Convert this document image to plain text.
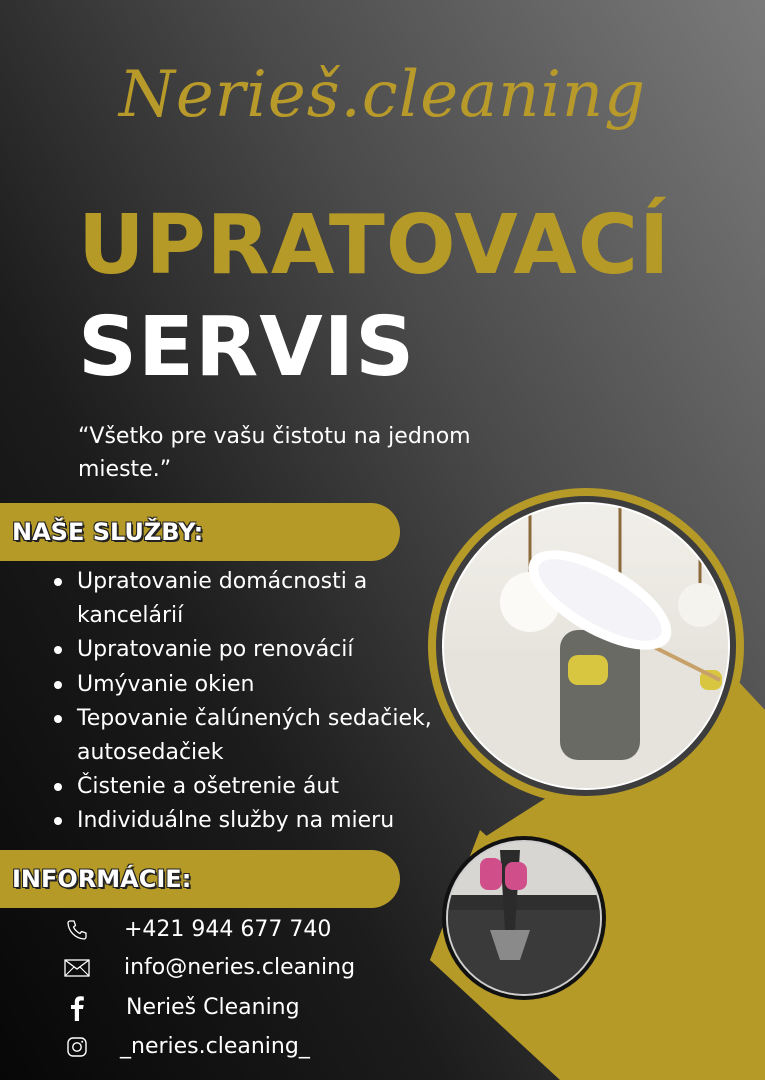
Nerieš.cleaning
UPRATOVACÍ
SERVIS
“Všetko pre vašu čistotu na jednom mieste.”
NAŠE SLUŽBY:
Upratovanie domácnosti a kancelárií
Upratovanie po renovácií
Umývanie okien
Tepovanie čalúnených sedačiek, autosedačiek
Čistenie a ošetrenie áut
Individuálne služby na mieru
INFORMÁCIE:
+421 944 677 740
info@neries.cleaning
Nerieš Cleaning
_neries.cleaning_
